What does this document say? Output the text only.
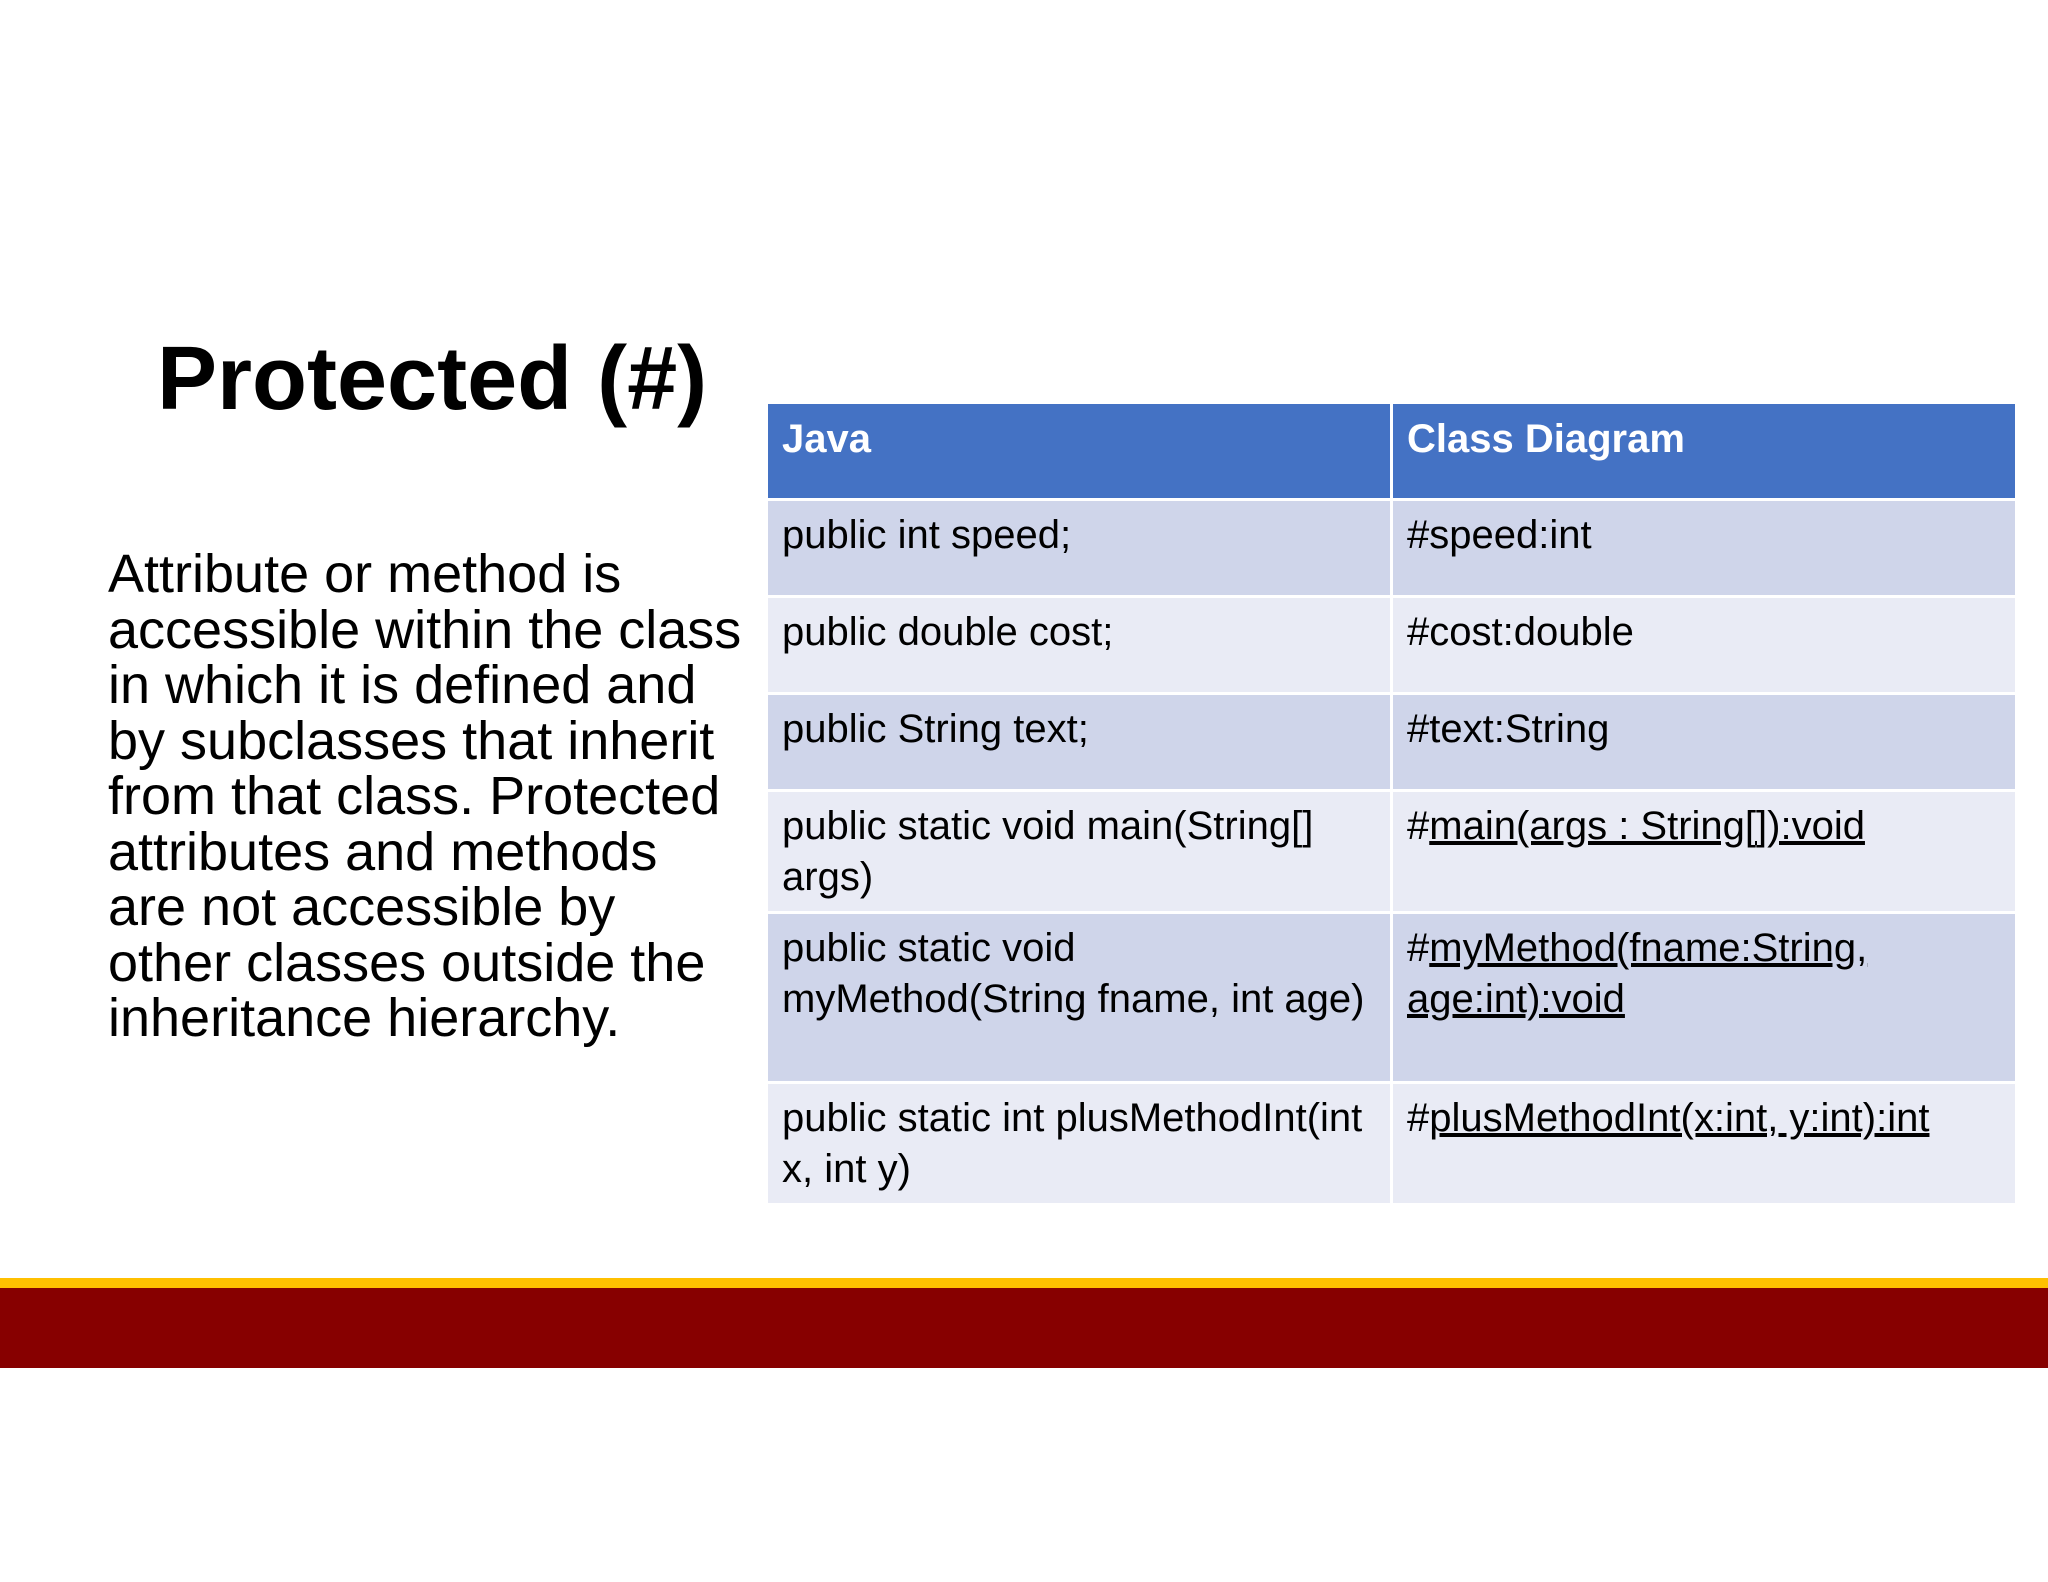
Protected (#)

Attribute or method is accessible within the class in which it is defined and by subclasses that inherit from that class. Protected attributes and methods are not accessible by other classes outside the inheritance hierarchy.

Java	Class Diagram
public int speed;	#speed:int
public double cost;	#cost:double
public String text;	#text:String
public static void main(String[] args)	#main(args : String[]):void
public static void myMethod(String fname, int age)	#myMethod(fname:String, age:int):void
public static int plusMethodInt(int x, int y)	#plusMethodInt(x:int, y:int):int
